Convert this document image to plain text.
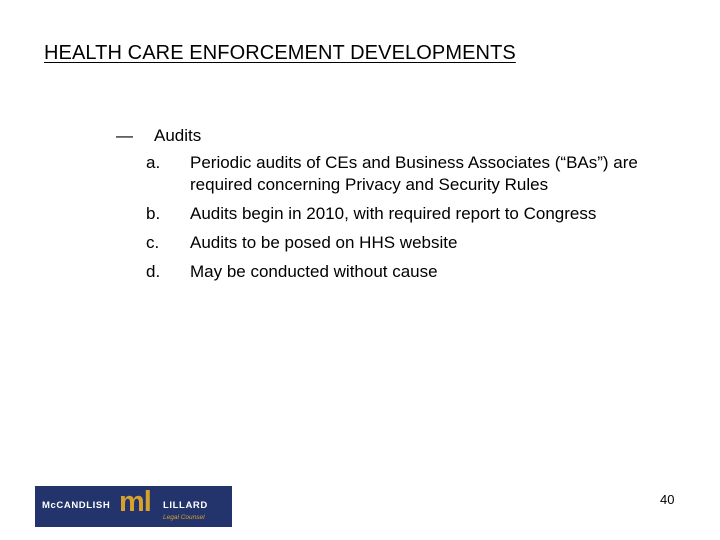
HEALTH CARE ENFORCEMENT DEVELOPMENTS
—	Audits
a.	Periodic audits of CEs and Business Associates (“BAs”) are required concerning Privacy and Security Rules
b.	Audits begin in 2010, with required report to Congress
c.	Audits to be posed on HHS website
d.	May be conducted without cause
McCANDLISH ml LILLARD
Legal Counsel
40
